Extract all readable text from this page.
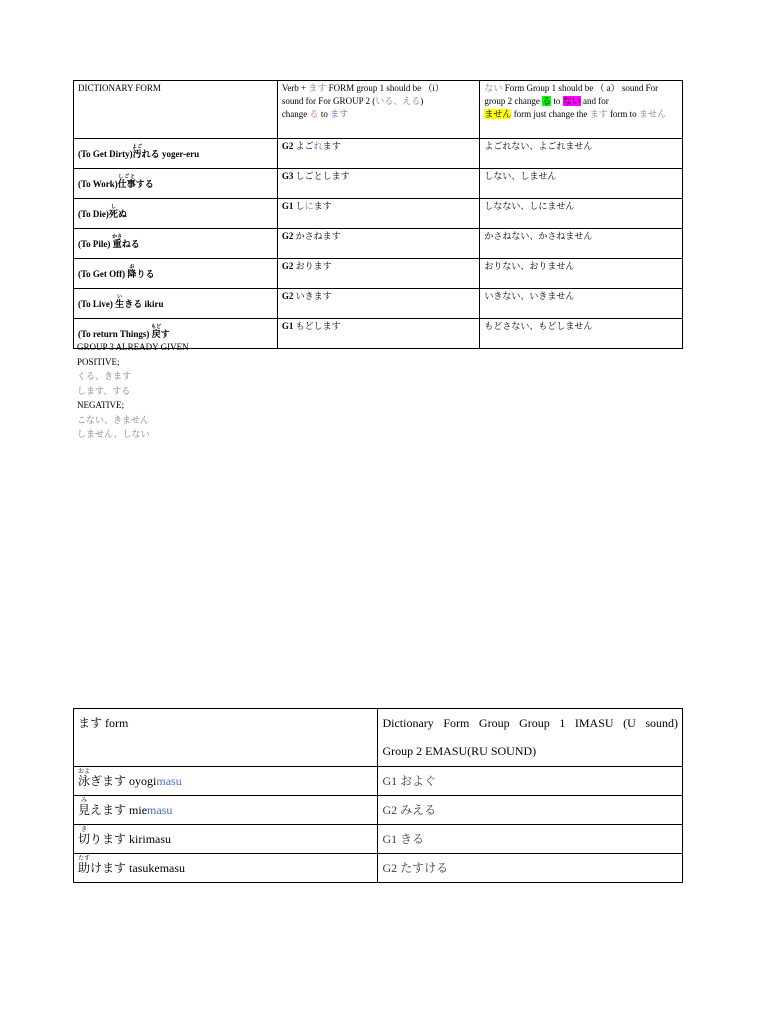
DICTIONARY FORM	Verb + ます FORM group 1 should be （i）
sound for For GROUP 2 (いる、える)
change る to ます	ない Form Group 1 should be （ a） sound For
group 2 change る to ない and for
ません form just change the ます form to ません

(To Get Dirty)汚よごれる yoger-eru	G2 よごれます	よごれない、よごれません

(To Work)仕事しごとする	G3 しごとします	しない、しません

(To Die)死しぬ	G1 しにます	しなない、しにません

(To Pile) 重かさねる	G2 かさねます	かさねない、かさねません

(To Get Off) 降おりる	G2 おります	おりない、おりません

(To Live) 生いきる ikiru	G2 いきます	いきない、いきません

(To return Things) 戻もどす	G1 もどします	もどさない、もどしません
GROUP 3 ALREADY GIVEN
POSITIVE;
くる、きます
します、する
NEGATIVE;
こない、きません
しません、しない
ます form	Dictionary Form Group Group 1 IMASU (U sound)
Group 2 EMASU(RU SOUND)
泳およぎます oyogimasu	G1 およぐ
見みえます miemasu	G2 みえる
切きります kirimasu	G1 きる
助たすけます tasukemasu	G2 たすける
